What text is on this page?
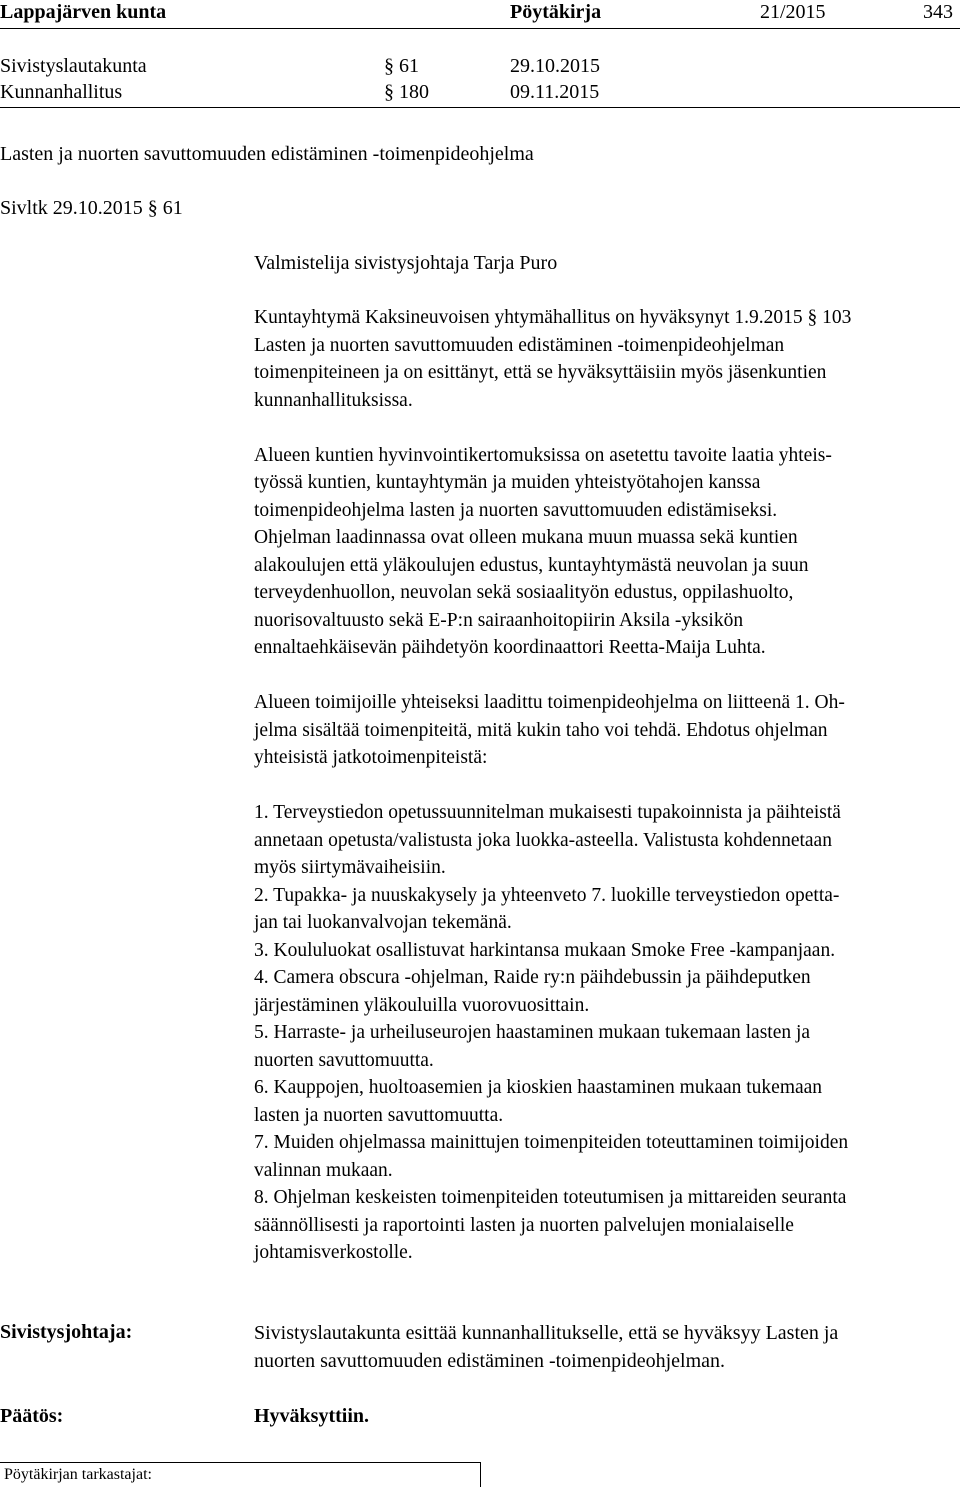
Lappajärven kunta	Pöytäkirja	21/2015	343
Sivistyslautakunta	§ 61	29.10.2015
Kunnanhallitus	§ 180	09.11.2015
Lasten ja nuorten savuttomuuden edistäminen -toimenpideohjelma
Sivltk 29.10.2015 § 61
Valmistelija sivistysjohtaja Tarja Puro

Kuntayhtymä Kaksineuvoisen yhtymähallitus on hyväksynyt 1.9.2015 § 103
Lasten ja nuorten savuttomuuden edistäminen -toimenpideohjelman
toimenpiteineen ja on esittänyt, että se hyväksyttäisiin myös jäsenkuntien
kunnanhallituksissa.

Alueen kuntien hyvinvointikertomuksissa on asetettu tavoite laatia yhteis-
työssä kuntien, kuntayhtymän ja muiden yhteistyötahojen kanssa
toimenpideohjelma lasten ja nuorten savuttomuuden edistämiseksi.
Ohjelman laadinnassa ovat olleen mukana muun muassa sekä kuntien
alakoulujen että yläkoulujen edustus, kuntayhtymästä neuvolan ja suun
terveydenhuollon, neuvolan sekä sosiaalityön edustus, oppilashuolto,
nuorisovaltuusto sekä E-P:n sairaanhoitopiirin Aksila -yksikön
ennaltaehkäisevän päihdetyön koordinaattori Reetta-Maija Luhta.

Alueen toimijoille yhteiseksi laadittu toimenpideohjelma on liitteenä 1. Oh-
jelma sisältää toimenpiteitä, mitä kukin taho voi tehdä. Ehdotus ohjelman
yhteisistä jatkotoimenpiteistä:

1. Terveystiedon opetussuunnitelman mukaisesti tupakoinnista ja päihteistä
annetaan opetusta/valistusta joka luokka-asteella. Valistusta kohdennetaan
myös siirtymävaiheisiin.
2. Tupakka- ja nuuskakysely ja yhteenveto 7. luokille terveystiedon opetta-
jan tai luokanvalvojan tekemänä.
3. Koululuokat osallistuvat harkintansa mukaan Smoke Free -kampanjaan.
4. Camera obscura -ohjelman, Raide ry:n päihdebussin ja päihdeputken
järjestäminen yläkouluilla vuorovuosittain.
5. Harraste- ja urheiluseurojen haastaminen mukaan tukemaan lasten ja
nuorten savuttomuutta.
6. Kauppojen, huoltoasemien ja kioskien haastaminen mukaan tukemaan
lasten ja nuorten savuttomuutta.
7. Muiden ohjelmassa mainittujen toimenpiteiden toteuttaminen toimijoiden
valinnan mukaan.
8. Ohjelman keskeisten toimenpiteiden toteutumisen ja mittareiden seuranta
säännöllisesti ja raportointi lasten ja nuorten palvelujen monialaiselle
johtamisverkostolle.

Sivistysjohtaja:	Sivistyslautakunta esittää kunnanhallitukselle, että se hyväksyy Lasten ja
nuorten savuttomuuden edistäminen -toimenpideohjelman.
Päätös:	Hyväksyttiin.
Pöytäkirjan tarkastajat:
